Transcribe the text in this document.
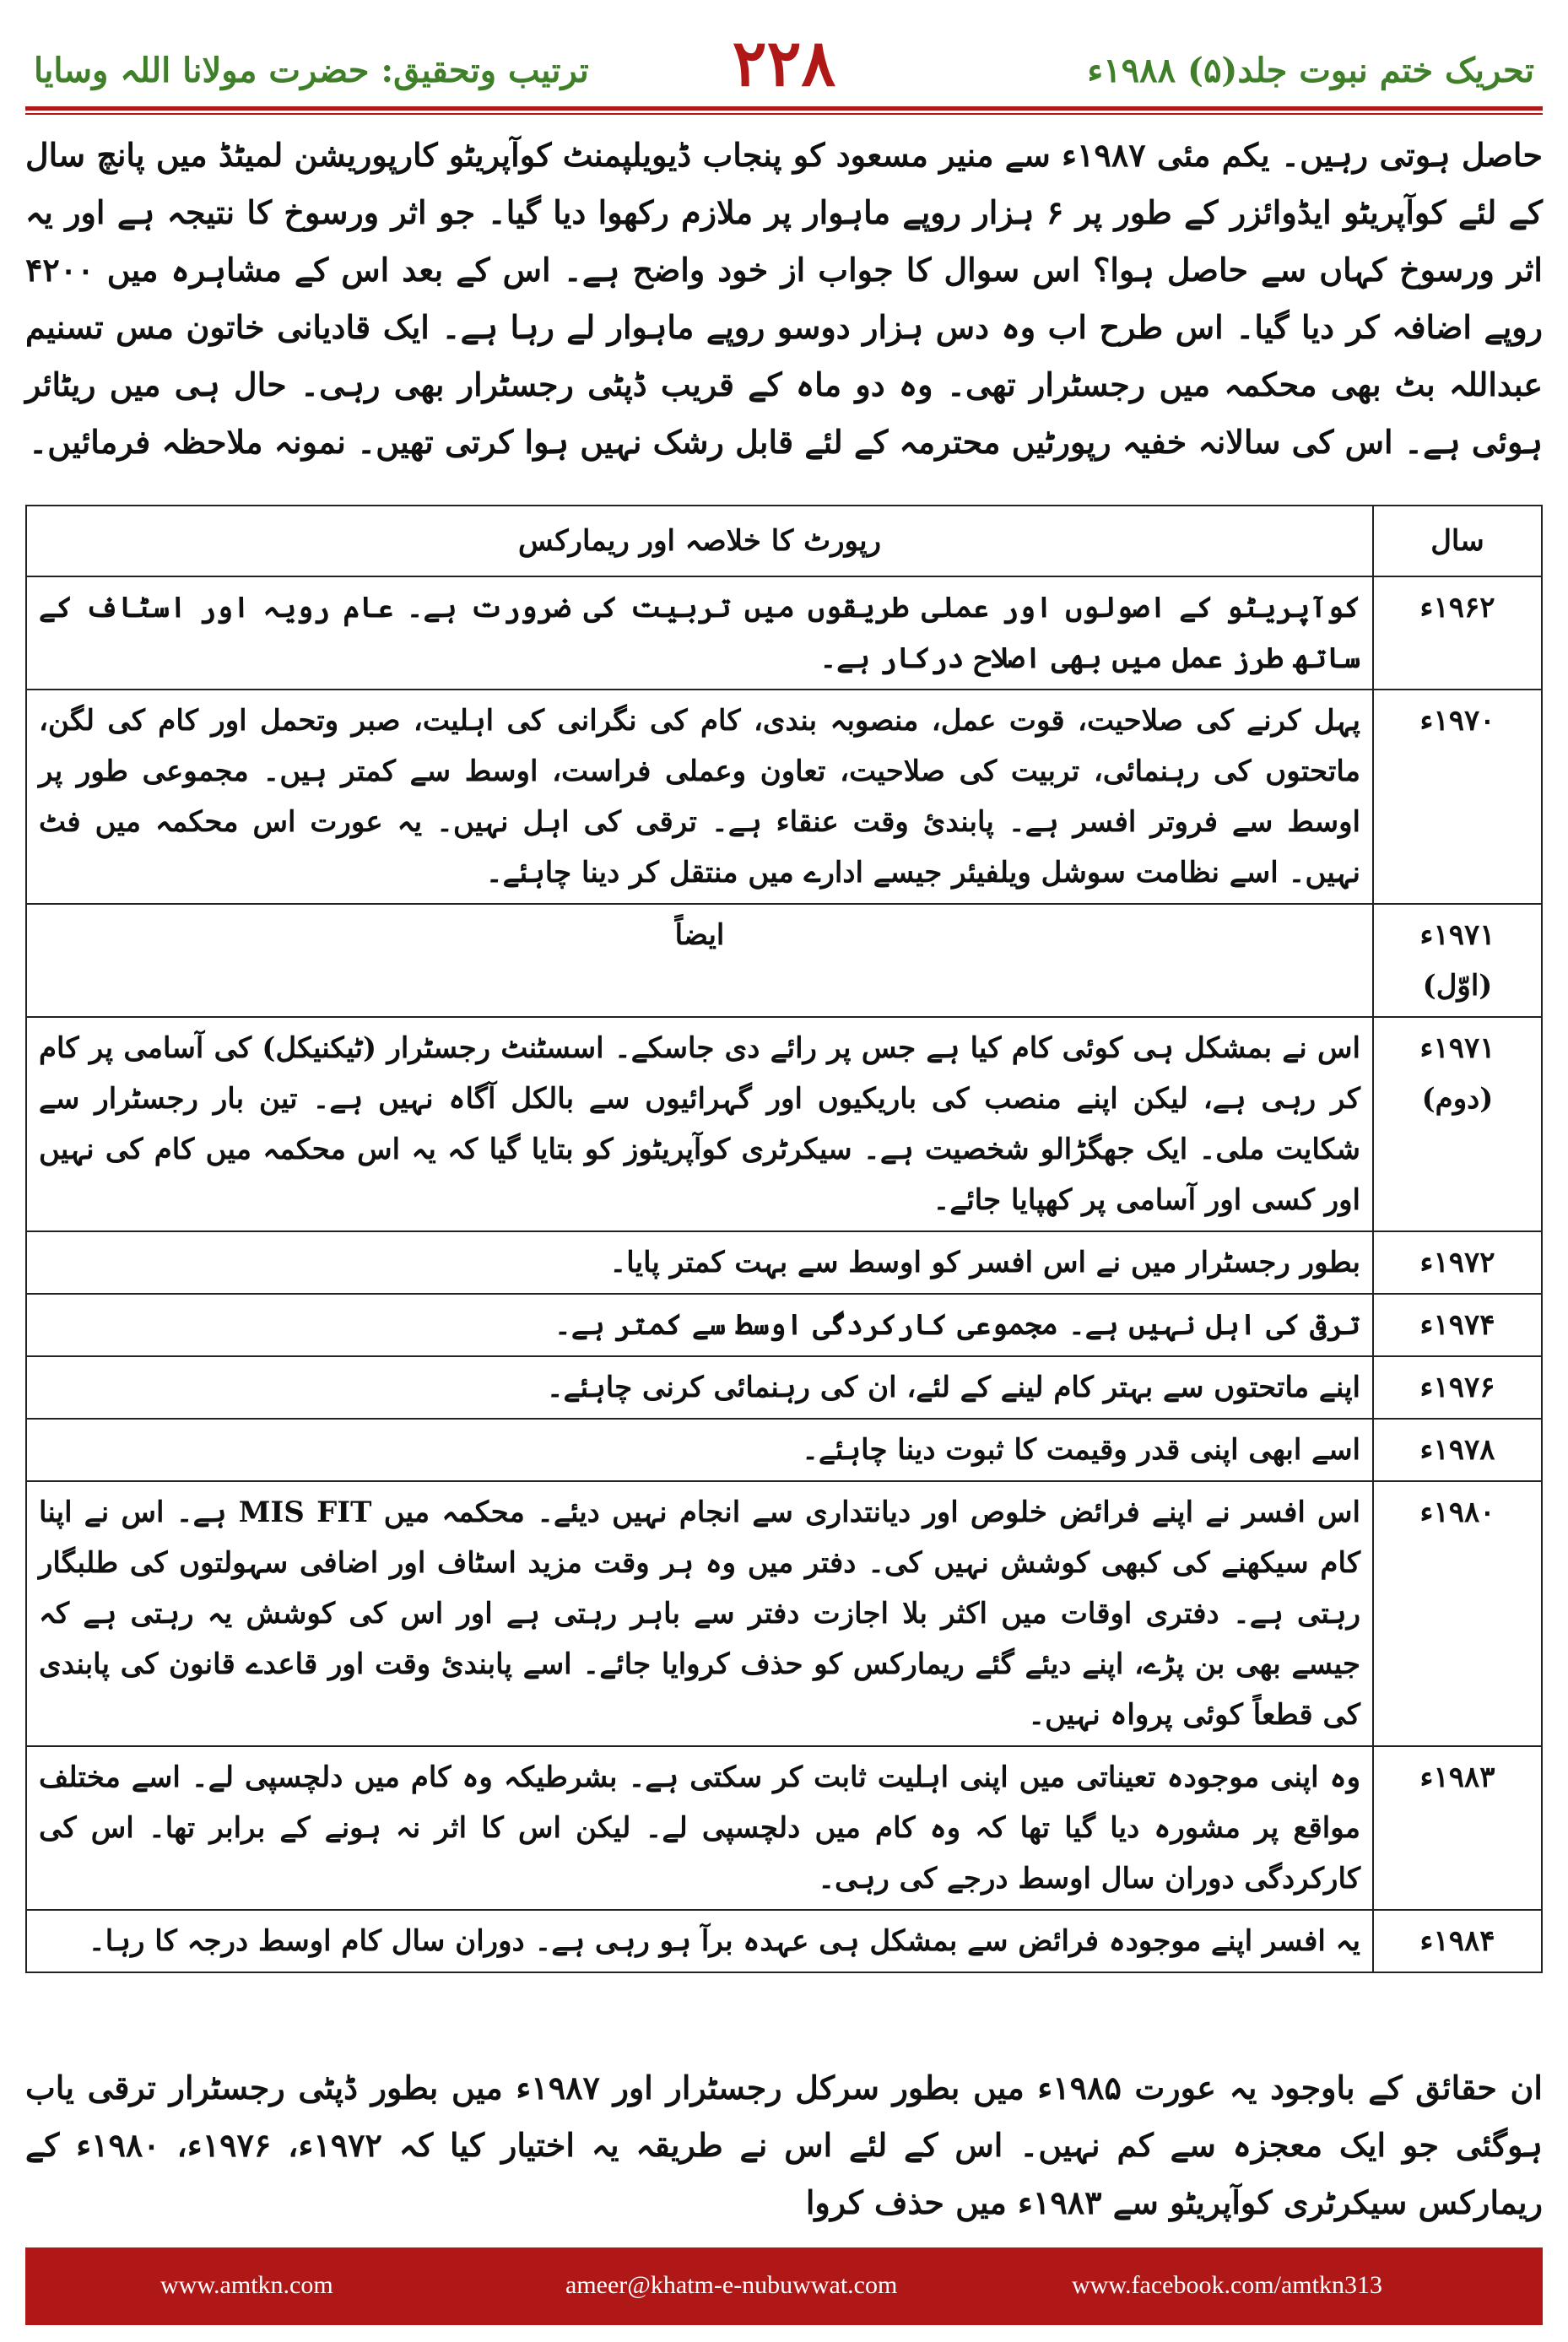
ترتیب وتحقیق: حضرت مولانا اللہ وسایا	۲۲۸	تحریک ختم نبوت جلد(۵) ۱۹۸۸ء
حاصل ہوتی رہیں۔ یکم مئی ۱۹۸۷ء سے منیر مسعود کو پنجاب ڈیویلپمنٹ کوآپریٹو کارپوریشن لمیٹڈ میں پانچ سال کے لئے کوآپریٹو ایڈوائزر کے طور پر ۶ ہزار روپے ماہوار پر ملازم رکھوا دیا گیا۔ جو اثر ورسوخ کا نتیجہ ہے اور یہ اثر ورسوخ کہاں سے حاصل ہوا؟ اس سوال کا جواب از خود واضح ہے۔ اس کے بعد اس کے مشاہرہ میں ۴۲۰۰ روپے اضافہ کر دیا گیا۔ اس طرح اب وہ دس ہزار دوسو روپے ماہوار لے رہا ہے۔ ایک قادیانی خاتون مس تسنیم عبداللہ بٹ بھی محکمہ میں رجسٹرار تھی۔ وہ دو ماہ کے قریب ڈپٹی رجسٹرار بھی رہی۔ حال ہی میں ریٹائر ہوئی ہے۔ اس کی سالانہ خفیہ رپورٹیں محترمہ کے لئے قابل رشک نہیں ہوا کرتی تھیں۔ نمونہ ملاحظہ فرمائیں۔
سال	رپورٹ کا خلاصہ اور ریمارکس
۱۹۶۲ء	کوآپریٹو کے اصولوں اور عملی طریقوں میں تربیت کی ضرورت ہے۔ عام رویہ اور اسٹاف کے ساتھ طرز عمل میں بھی اصلاح درکار ہے۔
۱۹۷۰ء	پہل کرنے کی صلاحیت، قوت عمل، منصوبہ بندی، کام کی نگرانی کی اہلیت، صبر وتحمل اور کام کی لگن، ماتحتوں کی رہنمائی، تربیت کی صلاحیت، تعاون وعملی فراست، اوسط سے کمتر ہیں۔ مجموعی طور پر اوسط سے فروتر افسر ہے۔ پابندیٔ وقت عنقاء ہے۔ ترقی کی اہل نہیں۔ یہ عورت اس محکمہ میں فٹ نہیں۔ اسے نظامت سوشل ویلفیئر جیسے ادارے میں منتقل کر دینا چاہئے۔
۱۹۷۱ء (اوّل)	ایضاً
۱۹۷۱ء (دوم)	اس نے بمشکل ہی کوئی کام کیا ہے جس پر رائے دی جاسکے۔ اسسٹنٹ رجسٹرار (ٹیکنیکل) کی آسامی پر کام کر رہی ہے، لیکن اپنے منصب کی باریکیوں اور گہرائیوں سے بالکل آگاہ نہیں ہے۔ تین بار رجسٹرار سے شکایت ملی۔ ایک جھگڑالو شخصیت ہے۔ سیکرٹری کوآپریٹوز کو بتایا گیا کہ یہ اس محکمہ میں کام کی نہیں اور کسی اور آسامی پر کھپایا جائے۔
۱۹۷۲ء	بطور رجسٹرار میں نے اس افسر کو اوسط سے بہت کمتر پایا۔
۱۹۷۴ء	ترقی کی اہل نہیں ہے۔ مجموعی کارکردگی اوسط سے کمتر ہے۔
۱۹۷۶ء	اپنے ماتحتوں سے بہتر کام لینے کے لئے، ان کی رہنمائی کرنی چاہئے۔
۱۹۷۸ء	اسے ابھی اپنی قدر وقیمت کا ثبوت دینا چاہئے۔
۱۹۸۰ء	اس افسر نے اپنے فرائض خلوص اور دیانتداری سے انجام نہیں دیئے۔ محکمہ میں MIS FIT ہے۔ اس نے اپنا کام سیکھنے کی کبھی کوشش نہیں کی۔ دفتر میں وہ ہر وقت مزید اسٹاف اور اضافی سہولتوں کی طلبگار رہتی ہے۔ دفتری اوقات میں اکثر بلا اجازت دفتر سے باہر رہتی ہے اور اس کی کوشش یہ رہتی ہے کہ جیسے بھی بن پڑے، اپنے دیئے گئے ریمارکس کو حذف کروایا جائے۔ اسے پابندیٔ وقت اور قاعدے قانون کی پابندی کی قطعاً کوئی پرواہ نہیں۔
۱۹۸۳ء	وہ اپنی موجودہ تعیناتی میں اپنی اہلیت ثابت کر سکتی ہے۔ بشرطیکہ وہ کام میں دلچسپی لے۔ اسے مختلف مواقع پر مشورہ دیا گیا تھا کہ وہ کام میں دلچسپی لے۔ لیکن اس کا اثر نہ ہونے کے برابر تھا۔ اس کی کارکردگی دوران سال اوسط درجے کی رہی۔
۱۹۸۴ء	یہ افسر اپنے موجودہ فرائض سے بمشکل ہی عہدہ برآ ہو رہی ہے۔ دوران سال کام اوسط درجہ کا رہا۔
ان حقائق کے باوجود یہ عورت ۱۹۸۵ء میں بطور سرکل رجسٹرار اور ۱۹۸۷ء میں بطور ڈپٹی رجسٹرار ترقی یاب ہوگئی جو ایک معجزہ سے کم نہیں۔ اس کے لئے اس نے طریقہ یہ اختیار کیا کہ ۱۹۷۲ء، ۱۹۷۶ء، ۱۹۸۰ء کے ریمارکس سیکرٹری کوآپریٹو سے ۱۹۸۳ء میں حذف کروا
www.amtkn.com	ameer@khatm-e-nubuwwat.com	www.facebook.com/amtkn313
